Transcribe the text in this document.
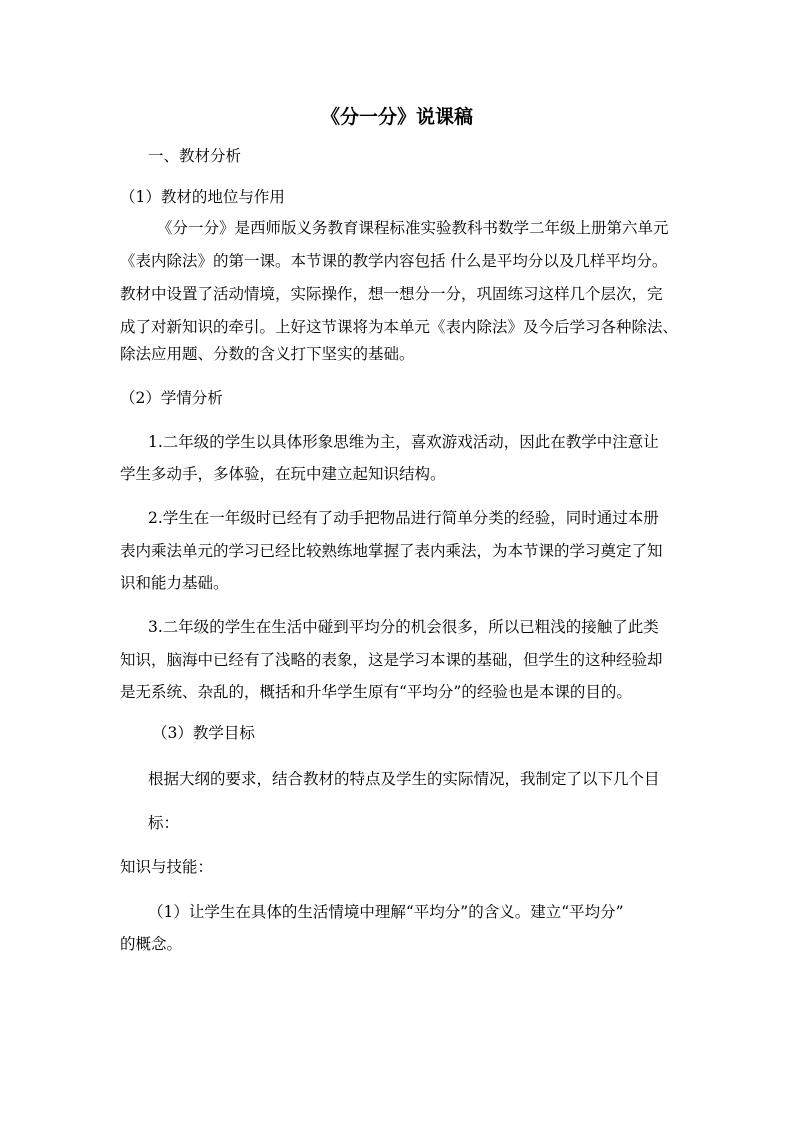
《分一分》说课稿
一、教材分析
（1）教材的地位与作用
《分一分》是西师版义务教育课程标准实验教科书数学二年级上册第六单元
《表内除法》的第一课。本节课的教学内容包括 什么是平均分以及几样平均分。
教材中设置了活动情境，实际操作，想一想分一分，巩固练习这样几个层次，完
成了对新知识的牵引。上好这节课将为本单元《表内除法》及今后学习各种除法、
除法应用题、分数的含义打下坚实的基础。
（2）学情分析
1.二年级的学生以具体形象思维为主，喜欢游戏活动，因此在教学中注意让
学生多动手，多体验，在玩中建立起知识结构。
2.学生在一年级时已经有了动手把物品进行简单分类的经验，同时通过本册
表内乘法单元的学习已经比较熟练地掌握了表内乘法，为本节课的学习奠定了知
识和能力基础。
3.二年级的学生在生活中碰到平均分的机会很多，所以已粗浅的接触了此类
知识，脑海中已经有了浅略的表象，这是学习本课的基础，但学生的这种经验却
是无系统、杂乱的，概括和升华学生原有“平均分”的经验也是本课的目的。
（3）教学目标
根据大纲的要求，结合教材的特点及学生的实际情况，我制定了以下几个目
标：
知识与技能：
（1）让学生在具体的生活情境中理解“平均分”的含义。建立“平均分”
的概念。
